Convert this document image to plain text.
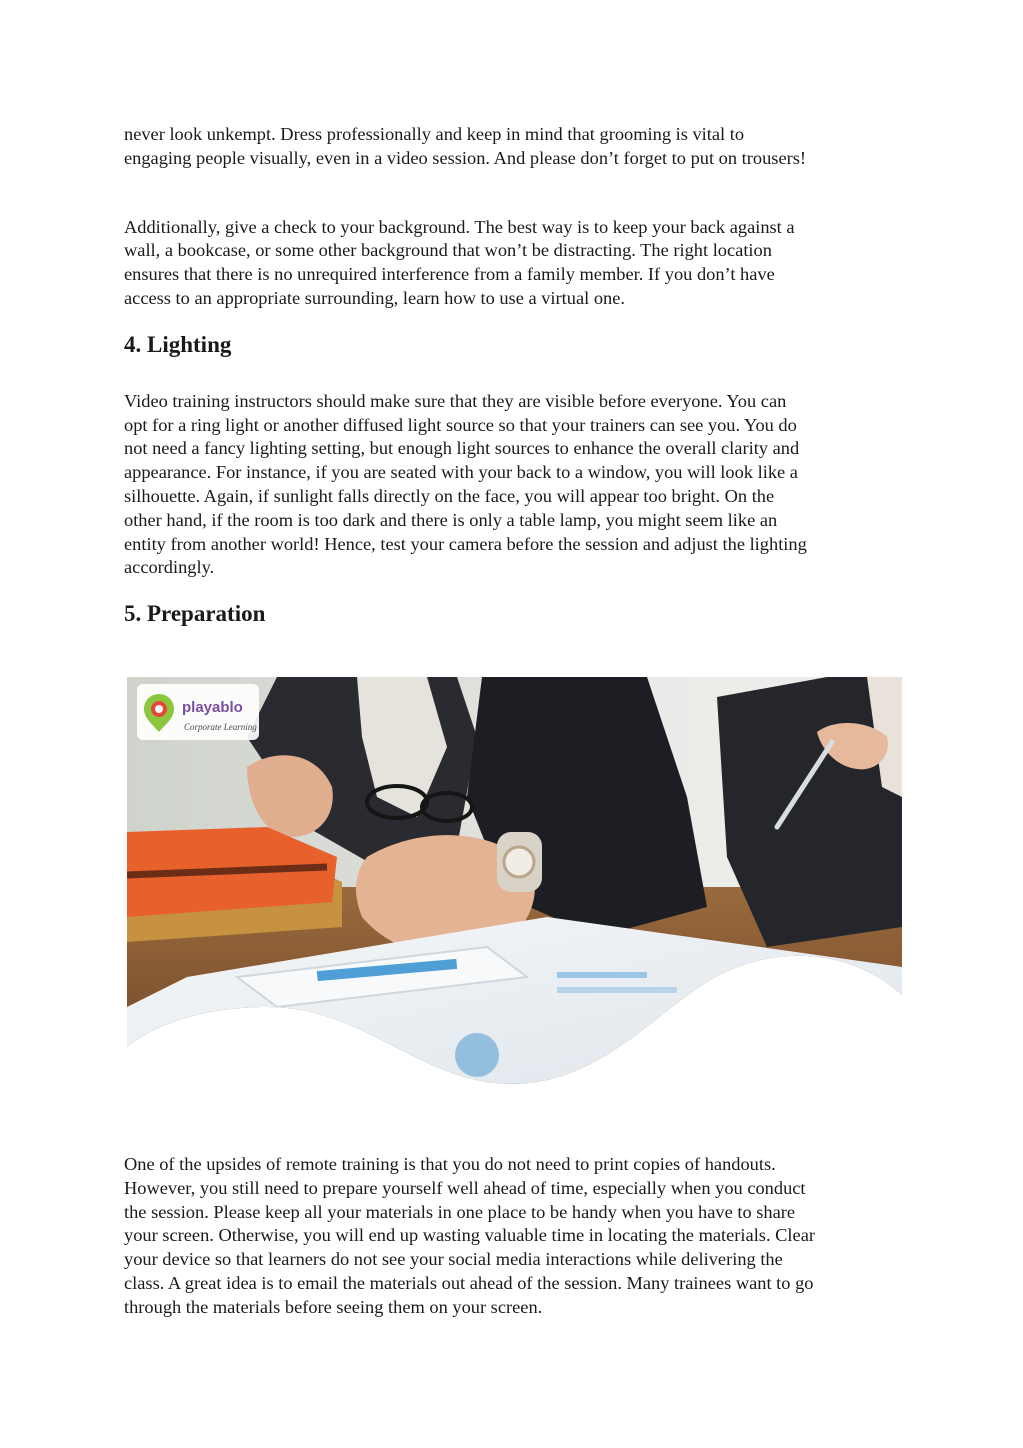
never look unkempt. Dress professionally and keep in mind that grooming is vital to
engaging people visually, even in a video session. And please don’t forget to put on trousers!

Additionally, give a check to your background. The best way is to keep your back against a
wall, a bookcase, or some other background that won’t be distracting. The right location
ensures that there is no unrequired interference from a family member. If you don’t have
access to an appropriate surrounding, learn how to use a virtual one.

4. Lighting

Video training instructors should make sure that they are visible before everyone. You can
opt for a ring light or another diffused light source so that your trainers can see you. You do
not need a fancy lighting setting, but enough light sources to enhance the overall clarity and
appearance. For instance, if you are seated with your back to a window, you will look like a
silhouette. Again, if sunlight falls directly on the face, you will appear too bright. On the
other hand, if the room is too dark and there is only a table lamp, you might seem like an
entity from another world! Hence, test your camera before the session and adjust the lighting
accordingly.

5. Preparation
playablo
Corporate Learning

One of the upsides of remote training is that you do not need to print copies of handouts.
However, you still need to prepare yourself well ahead of time, especially when you conduct
the session. Please keep all your materials in one place to be handy when you have to share
your screen. Otherwise, you will end up wasting valuable time in locating the materials. Clear
your device so that learners do not see your social media interactions while delivering the
class. A great idea is to email the materials out ahead of the session. Many trainees want to go
through the materials before seeing them on your screen.
